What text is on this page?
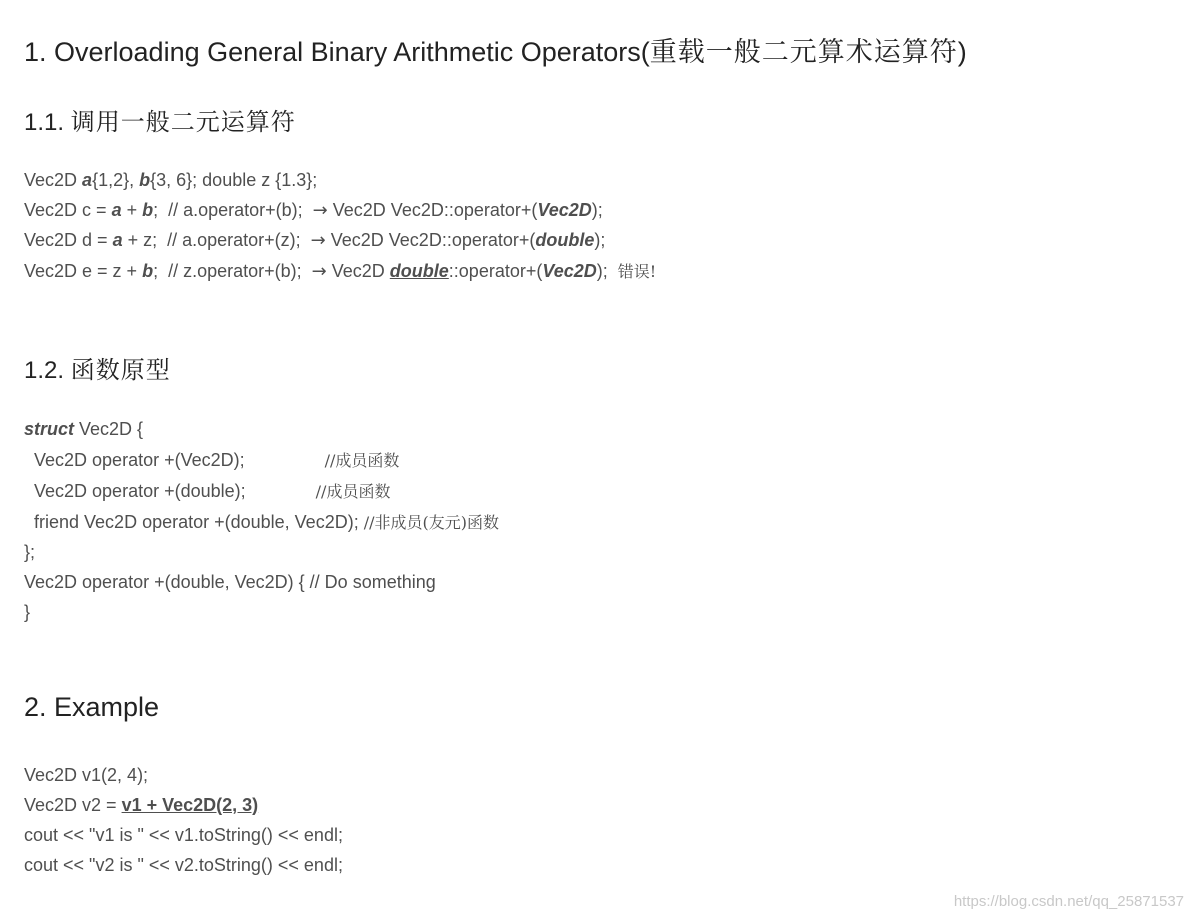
1. Overloading General Binary Arithmetic Operators(重载一般二元算术运算符)
1.1. 调用一般二元运算符
Vec2D a{1,2}, b{3, 6}; double z {1.3};
Vec2D c = a + b;  // a.operator+(b);  → Vec2D Vec2D::operator+(Vec2D);
Vec2D d = a + z;  // a.operator+(z);  → Vec2D Vec2D::operator+(double);
Vec2D e = z + b;  // z.operator+(b);  → Vec2D double::operator+(Vec2D);  错误!
1.2. 函数原型
struct Vec2D {
Vec2D operator +(Vec2D);                //成员函数
Vec2D operator +(double);              //成员函数
friend Vec2D operator +(double, Vec2D); //非成员(友元)函数
};
Vec2D operator +(double, Vec2D) { // Do something
}
2. Example
Vec2D v1(2, 4);
Vec2D v2 = v1 + Vec2D(2, 3)
cout << "v1 is " << v1.toString() << endl;
cout << "v2 is " << v2.toString() << endl;
https://blog.csdn.net/qq_25871537
